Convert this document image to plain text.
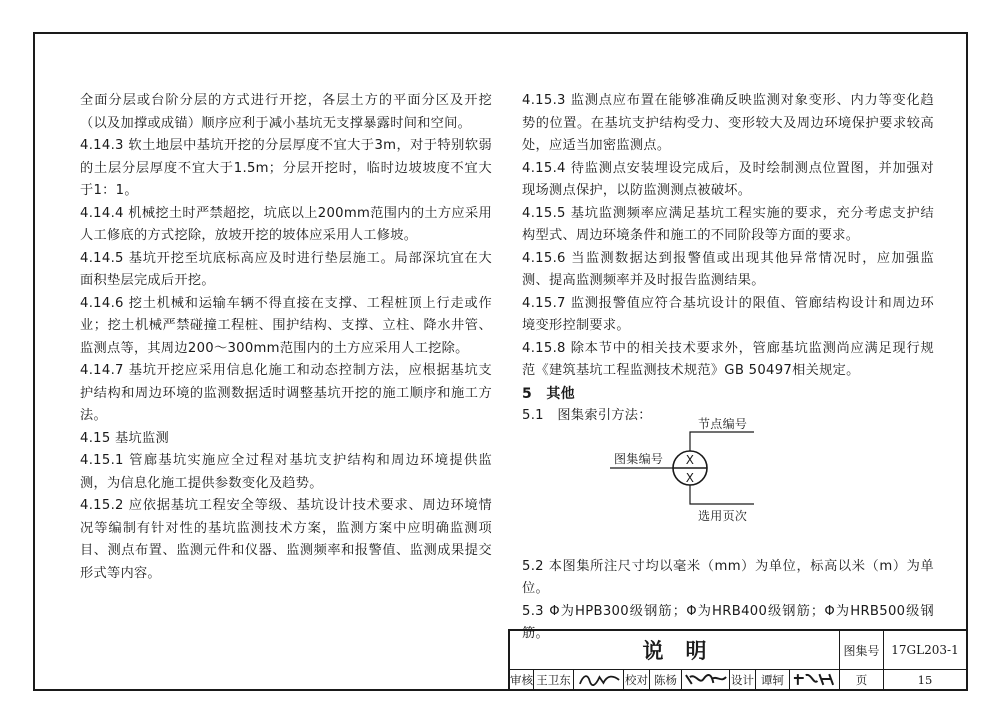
全面分层或台阶分层的方式进行开挖，各层土方的平面分区及开挖（以及加撑或成锚）顺序应利于减小基坑无支撑暴露时间和空间。

4.14.3 软土地层中基坑开挖的分层厚度不宜大于3m，对于特别软弱的土层分层厚度不宜大于1.5m；分层开挖时，临时边坡坡度不宜大于1：1。

4.14.4 机械挖土时严禁超挖，坑底以上200mm范围内的土方应采用人工修底的方式挖除，放坡开挖的坡体应采用人工修坡。

4.14.5 基坑开挖至坑底标高应及时进行垫层施工。局部深坑宜在大面积垫层完成后开挖。

4.14.6 挖土机械和运输车辆不得直接在支撑、工程桩顶上行走或作业；挖土机械严禁碰撞工程桩、围护结构、支撑、立柱、降水井管、监测点等，其周边200～300mm范围内的土方应采用人工挖除。

4.14.7 基坑开挖应采用信息化施工和动态控制方法，应根据基坑支护结构和周边环境的监测数据适时调整基坑开挖的施工顺序和施工方法。

4.15 基坑监测

4.15.1 管廊基坑实施应全过程对基坑支护结构和周边环境提供监测，为信息化施工提供参数变化及趋势。

4.15.2 应依据基坑工程安全等级、基坑设计技术要求、周边环境情况等编制有针对性的基坑监测技术方案，监测方案中应明确监测项目、测点布置、监测元件和仪器、监测频率和报警值、监测成果提交形式等内容。

4.15.3 监测点应布置在能够准确反映监测对象变形、内力等变化趋势的位置。在基坑支护结构受力、变形较大及周边环境保护要求较高处，应适当加密监测点。

4.15.4 待监测点安装埋设完成后，及时绘制测点位置图，并加强对现场测点保护，以防监测测点被破坏。

4.15.5 基坑监测频率应满足基坑工程实施的要求，充分考虑支护结构型式、周边环境条件和施工的不同阶段等方面的要求。

4.15.6 当监测数据达到报警值或出现其他异常情况时，应加强监测、提高监测频率并及时报告监测结果。

4.15.7 监测报警值应符合基坑设计的限值、管廊结构设计和周边环境变形控制要求。

4.15.8 除本节中的相关技术要求外，管廊基坑监测尚应满足现行规范《建筑基坑工程监测技术规范》GB 50497相关规定。

5　其他

5.1　图集索引方法：

X
X
节点编号
图集编号
选用页次

5.2 本图集所注尺寸均以毫米（mm）为单位，标高以米（m）为单位。

5.3 Φ为HPB300级钢筋；Φ为HRB400级钢筋；Φ为HRB500级钢筋。

说明	图集号 17GL203-1
审核 王卫东	校对 陈杨	设计 谭轲	页	15
